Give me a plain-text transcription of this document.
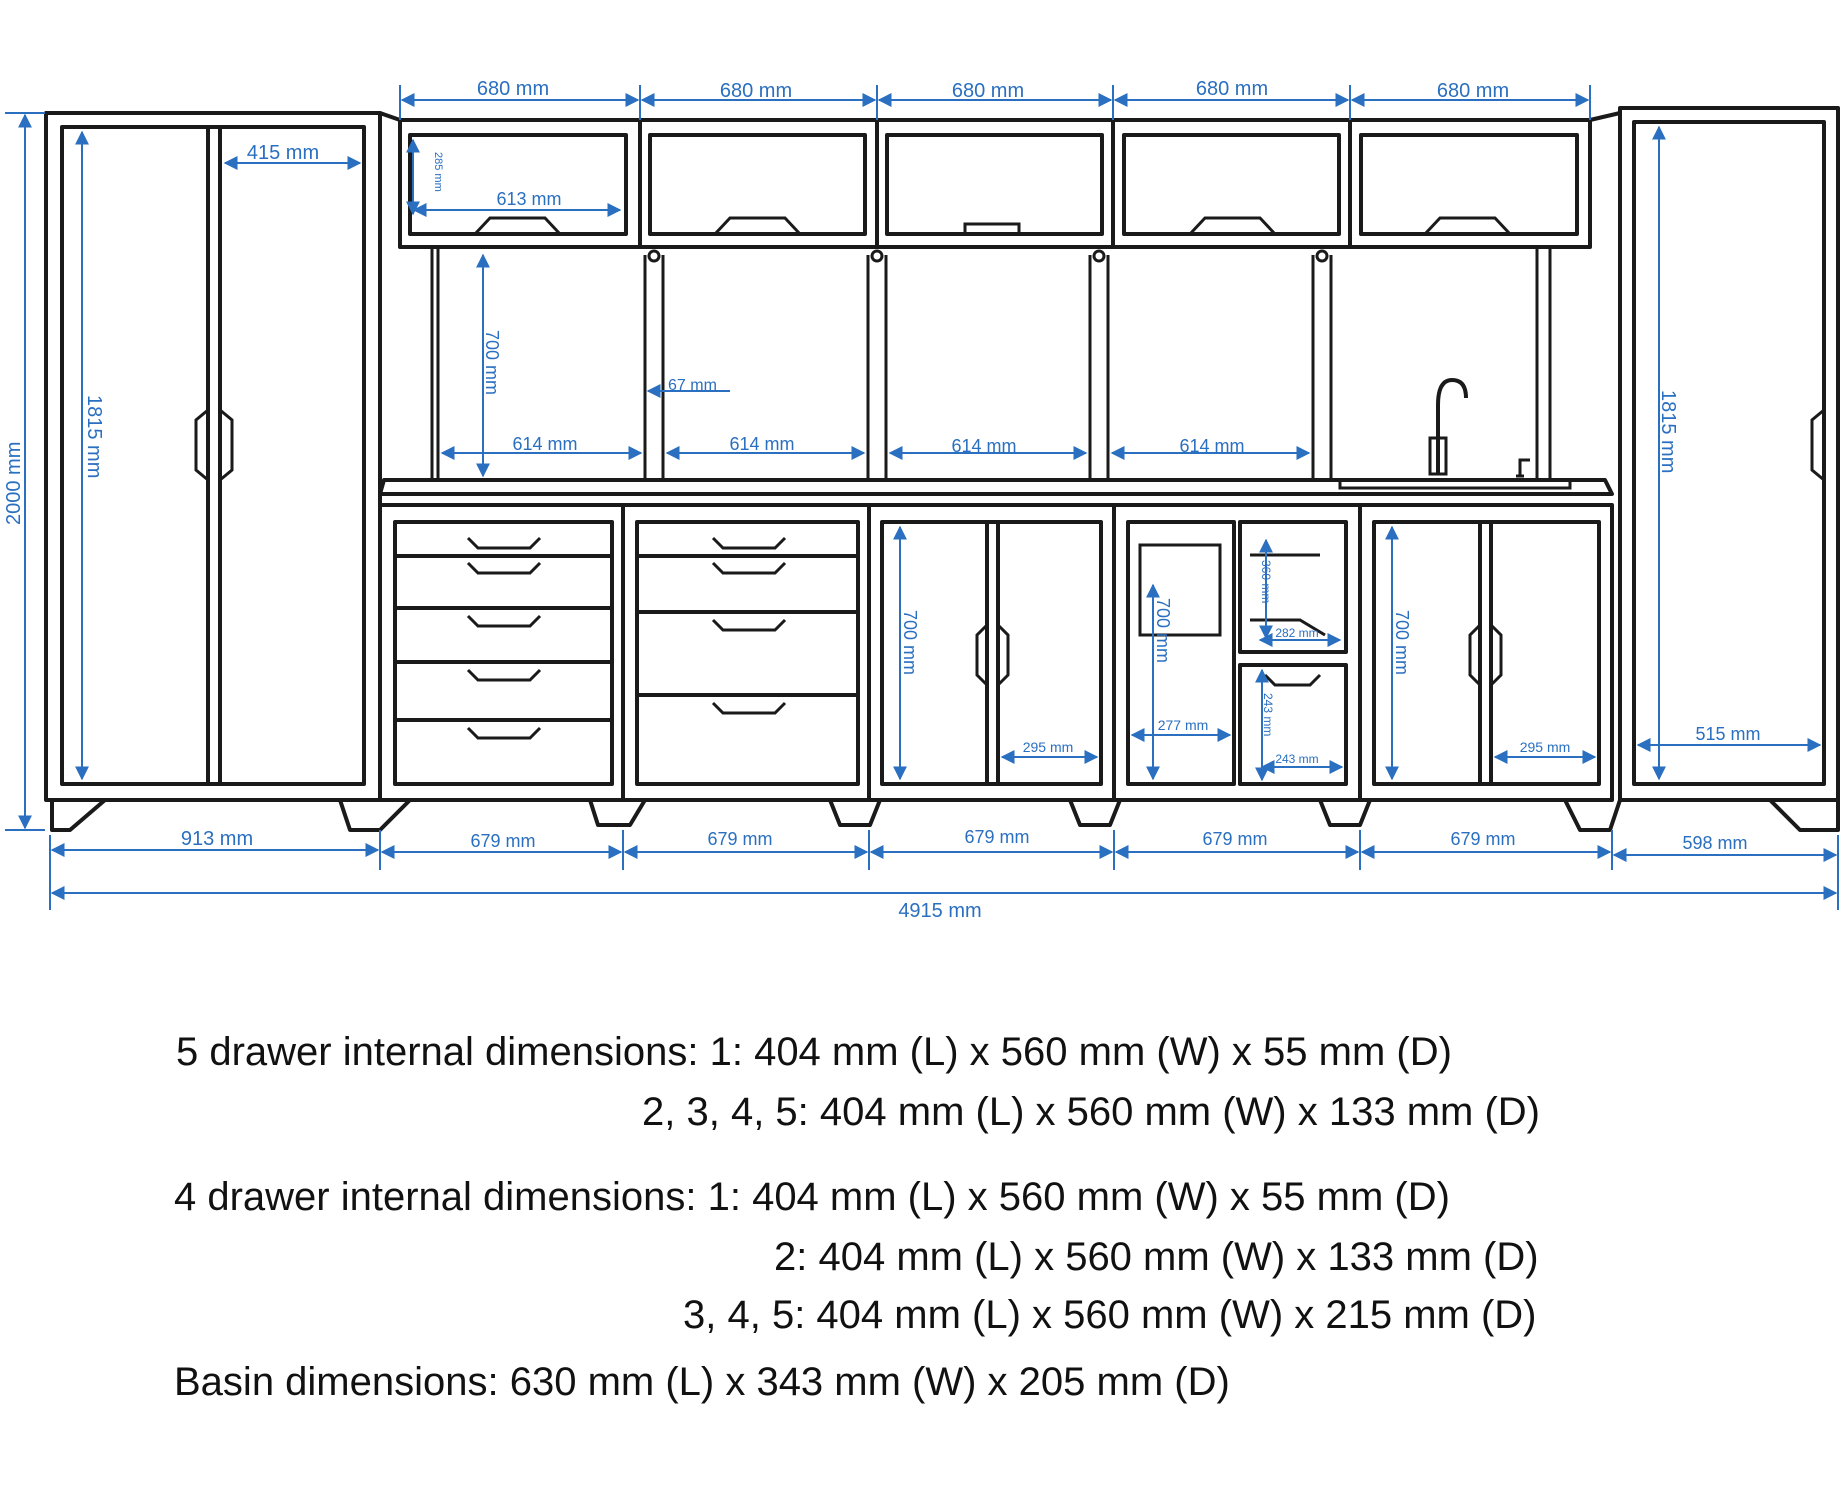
680 mm	680 mm	680 mm	680 mm	680 mm
285 mm
613 mm
700 mm
614 mm	614 mm	614 mm	614 mm
67 mm
1815 mm
415 mm
2000 mm
1815 mm
515 mm
700 mm
295 mm
700 mm
277 mm
360 mm
282 mm
243 mm
243 mm
700 mm
295 mm
913 mm	679 mm	679 mm	679 mm	679 mm	679 mm	598 mm
4915 mm
5 drawer internal dimensions: 1: 404 mm (L) x 560 mm (W) x 55 mm (D)
2, 3, 4, 5: 404 mm (L) x 560 mm (W) x 133 mm (D)
4 drawer internal dimensions: 1: 404 mm (L) x 560 mm (W) x 55 mm (D)
2: 404 mm (L) x 560 mm (W) x 133 mm (D)
3, 4, 5: 404 mm (L) x 560 mm (W) x 215 mm (D)
Basin dimensions: 630 mm (L) x 343 mm (W) x 205 mm (D)
